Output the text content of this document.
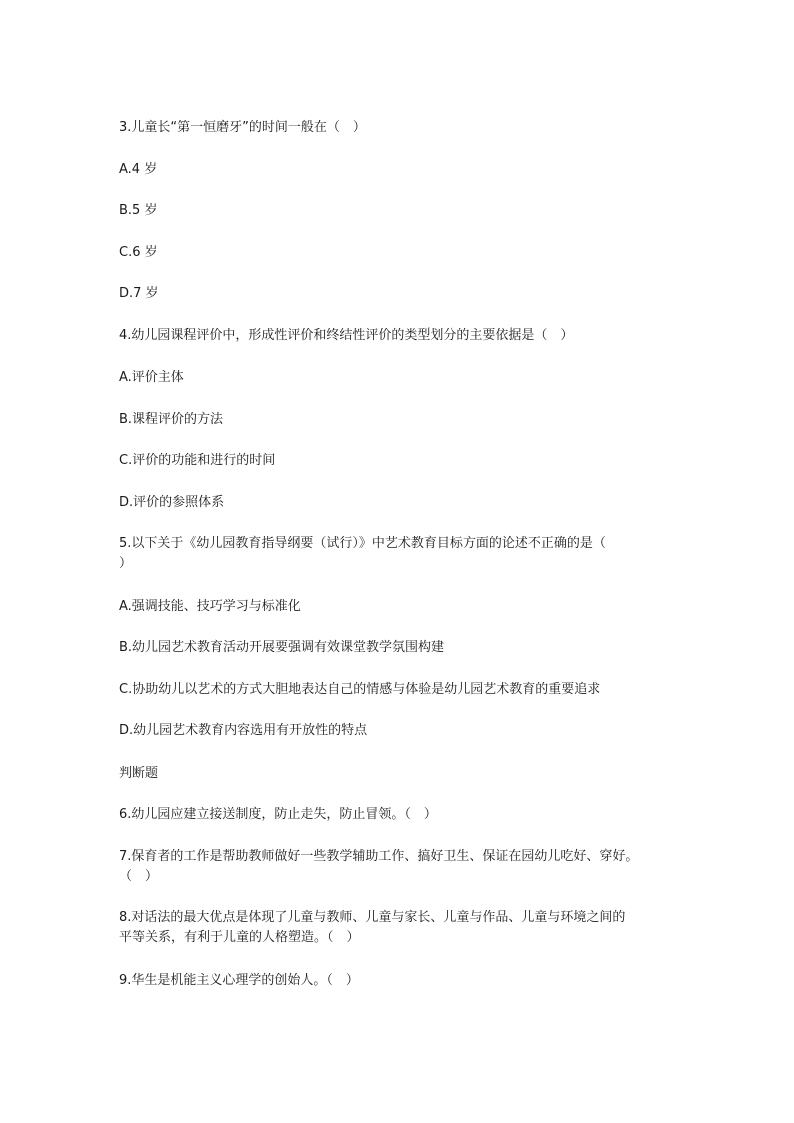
3.儿童长“第一恒磨牙”的时间一般在（　）
A.4 岁
B.5 岁
C.6 岁
D.7 岁
4.幼儿园课程评价中，形成性评价和终结性评价的类型划分的主要依据是（　）
A.评价主体
B.课程评价的方法
C.评价的功能和进行的时间
D.评价的参照体系
5.以下关于《幼儿园教育指导纲要（试行）》中艺术教育目标方面的论述不正确的是（
）
A.强调技能、技巧学习与标准化
B.幼儿园艺术教育活动开展要强调有效课堂教学氛围构建
C.协助幼儿以艺术的方式大胆地表达自己的情感与体验是幼儿园艺术教育的重要追求
D.幼儿园艺术教育内容选用有开放性的特点
判断题
6.幼儿园应建立接送制度，防止走失，防止冒领。（　）
7.保育者的工作是帮助教师做好一些教学辅助工作、搞好卫生、保证在园幼儿吃好、穿好。
（　）
8.对话法的最大优点是体现了儿童与教师、儿童与家长、儿童与作品、儿童与环境之间的
平等关系，有利于儿童的人格塑造。（　）
9.华生是机能主义心理学的创始人。（　）
